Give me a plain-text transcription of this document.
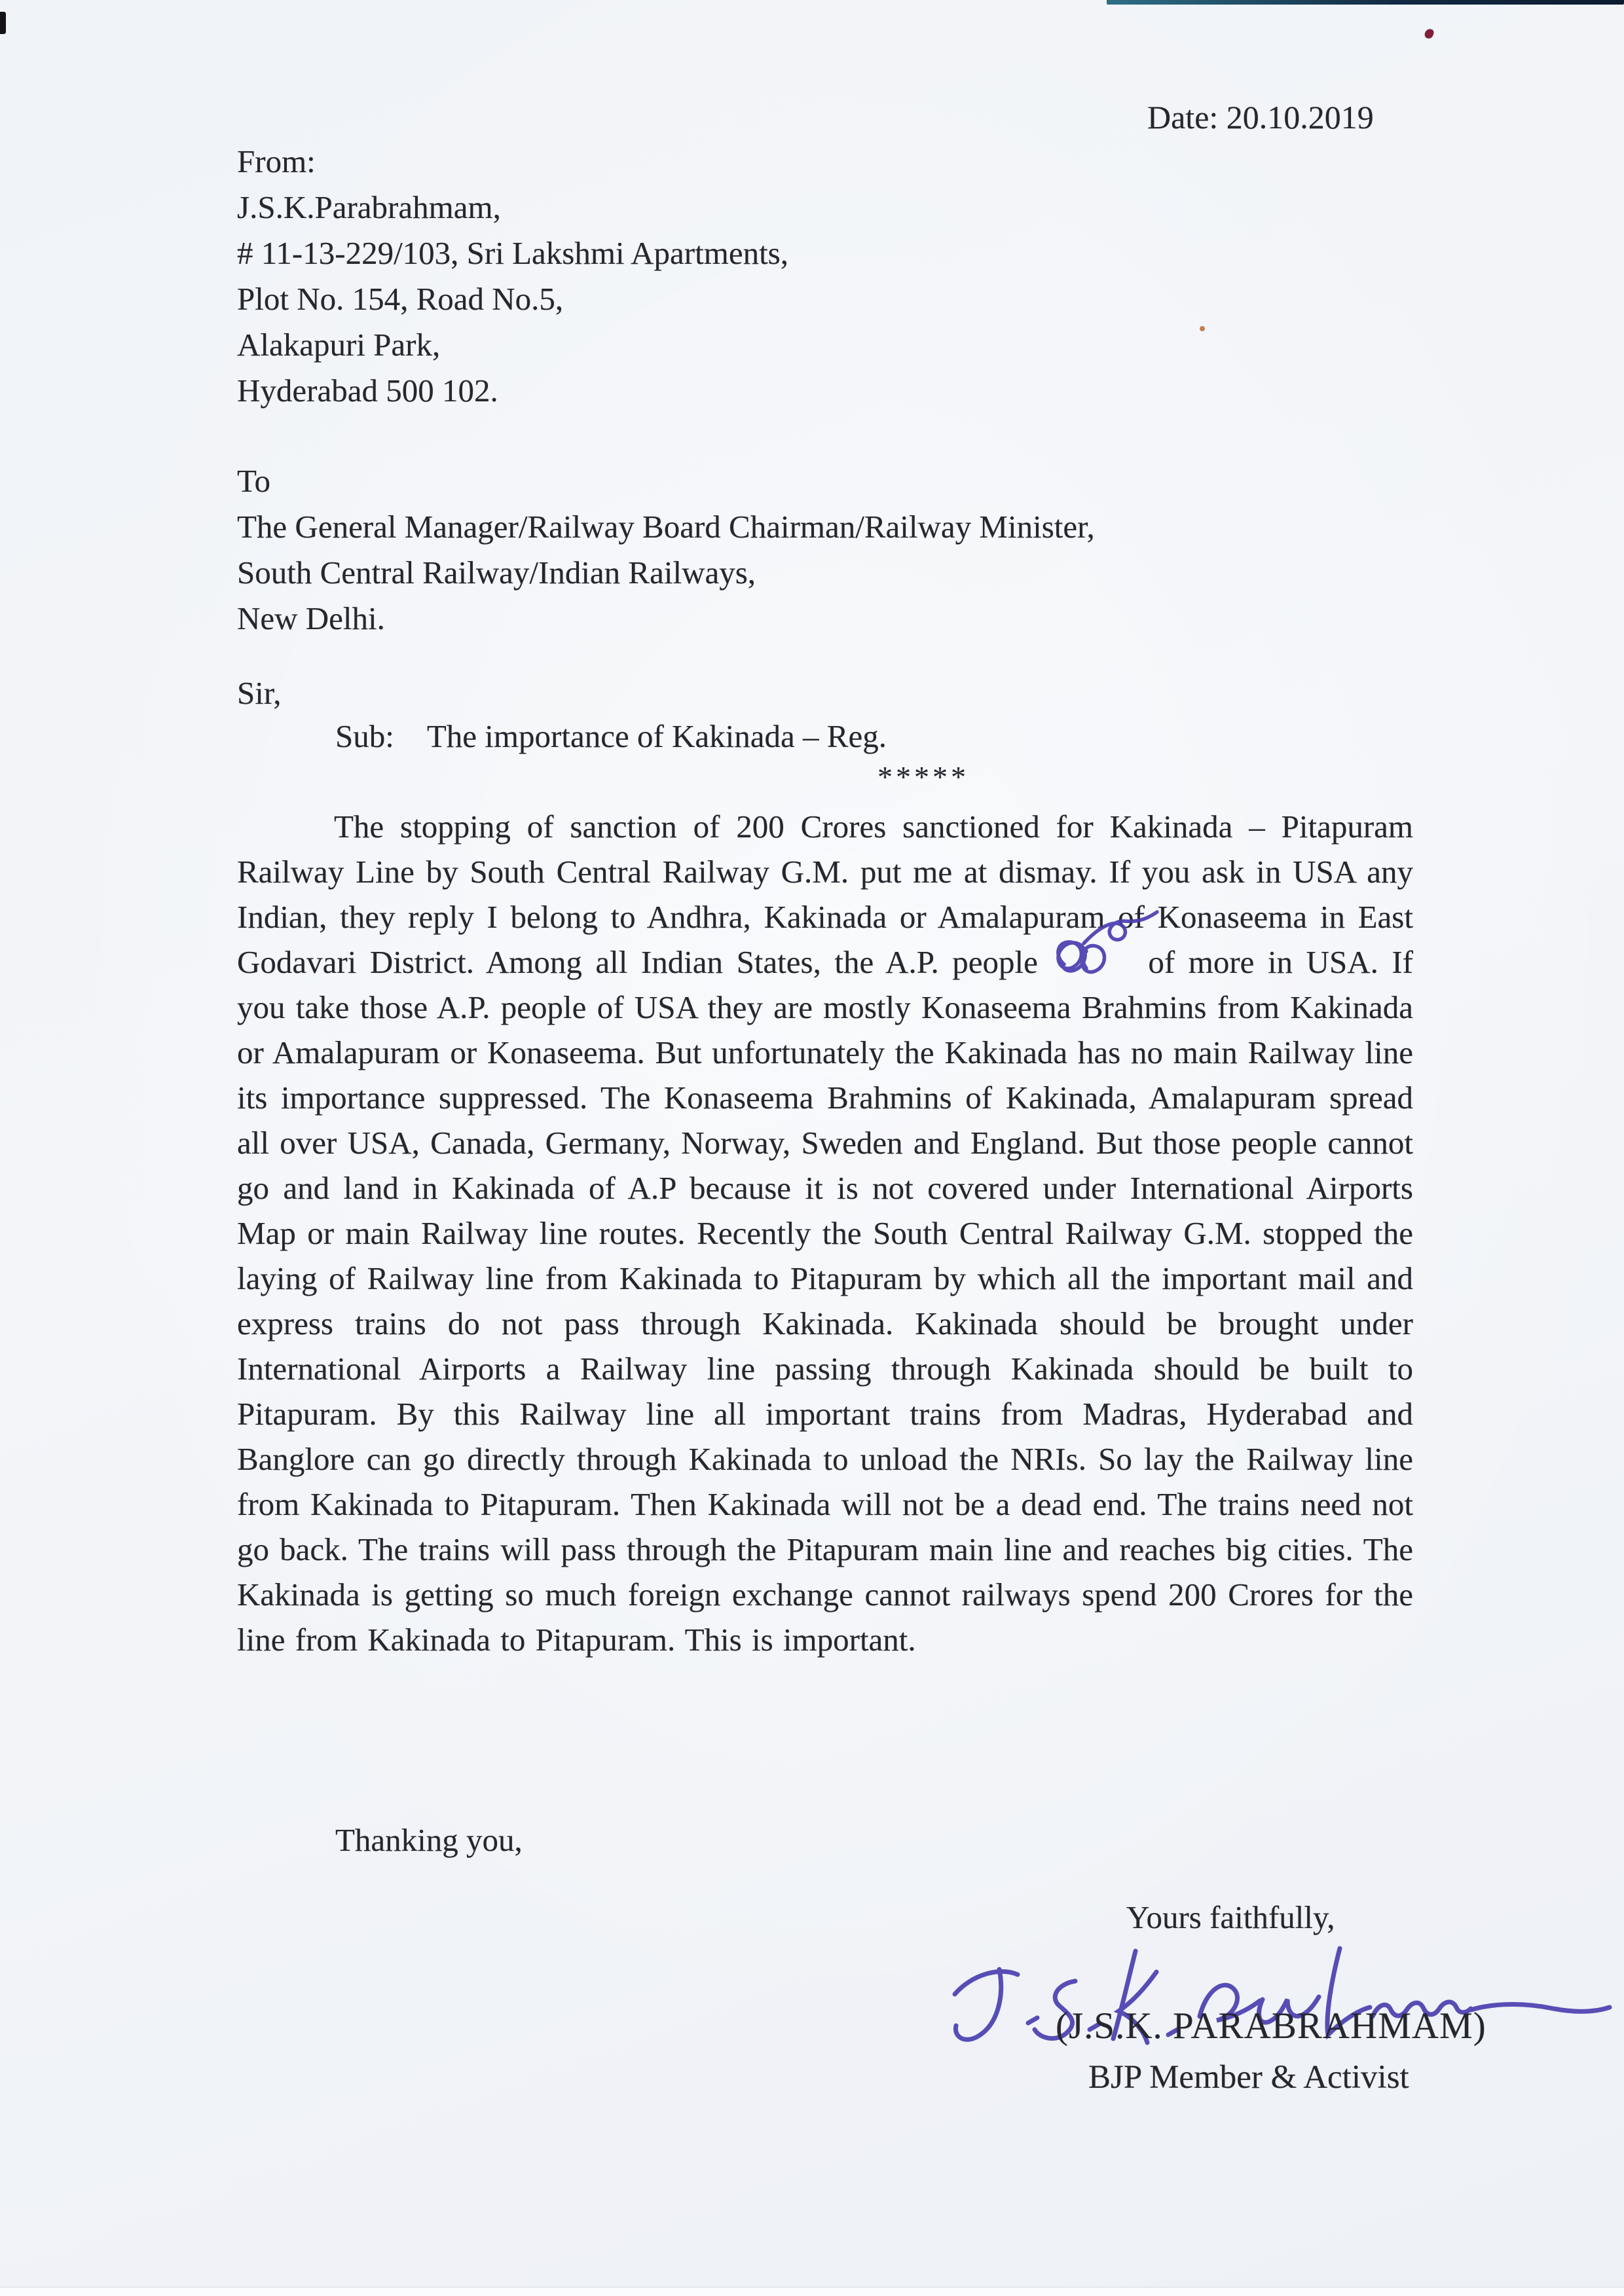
Date: 20.10.2019
From:
J.S.K.Parabrahmam,
# 11-13-229/103, Sri Lakshmi Apartments,
Plot No. 154, Road No.5,
Alakapuri Park,
Hyderabad 500 102.
To
The General Manager/Railway Board Chairman/Railway Minister,
South Central Railway/Indian Railways,
New Delhi.
Sir,
Sub: The importance of Kakinada – Reg.
*****

The stopping of sanction of 200 Crores sanctioned for Kakinada – Pitapuram Railway Line by South Central Railway G.M. put me at dismay. If you ask in USA any Indian, they reply I belong to Andhra, Kakinada or Amalapuram of Konaseema in East Godavari District. Among all Indian States, the A.P. people	of more in USA. If you take those A.P. people of USA they are mostly Konaseema Brahmins from Kakinada or Amalapuram or Konaseema. But unfortunately the Kakinada has no main Railway line its importance suppressed. The Konaseema Brahmins of Kakinada, Amalapuram spread all over USA, Canada, Germany, Norway, Sweden and England. But those people cannot go and land in Kakinada of A.P because it is not covered under International Airports Map or main Railway line routes. Recently the South Central Railway G.M. stopped the laying of Railway line from Kakinada to Pitapuram by which all the important mail and express trains do not pass through Kakinada. Kakinada should be brought under International Airports a Railway line passing through Kakinada should be built to Pitapuram. By this Railway line all important trains from Madras, Hyderabad and Banglore can go directly through Kakinada to unload the NRIs. So lay the Railway line from Kakinada to Pitapuram. Then Kakinada will not be a dead end. The trains need not go back. The trains will pass through the Pitapuram main line and reaches big cities. The Kakinada is getting so much foreign exchange cannot railways spend 200 Crores for the line from Kakinada to Pitapuram. This is important.

Thanking you,
Yours faithfully,
(J.S.K. PARABRAHMAM)
BJP Member & Activist
